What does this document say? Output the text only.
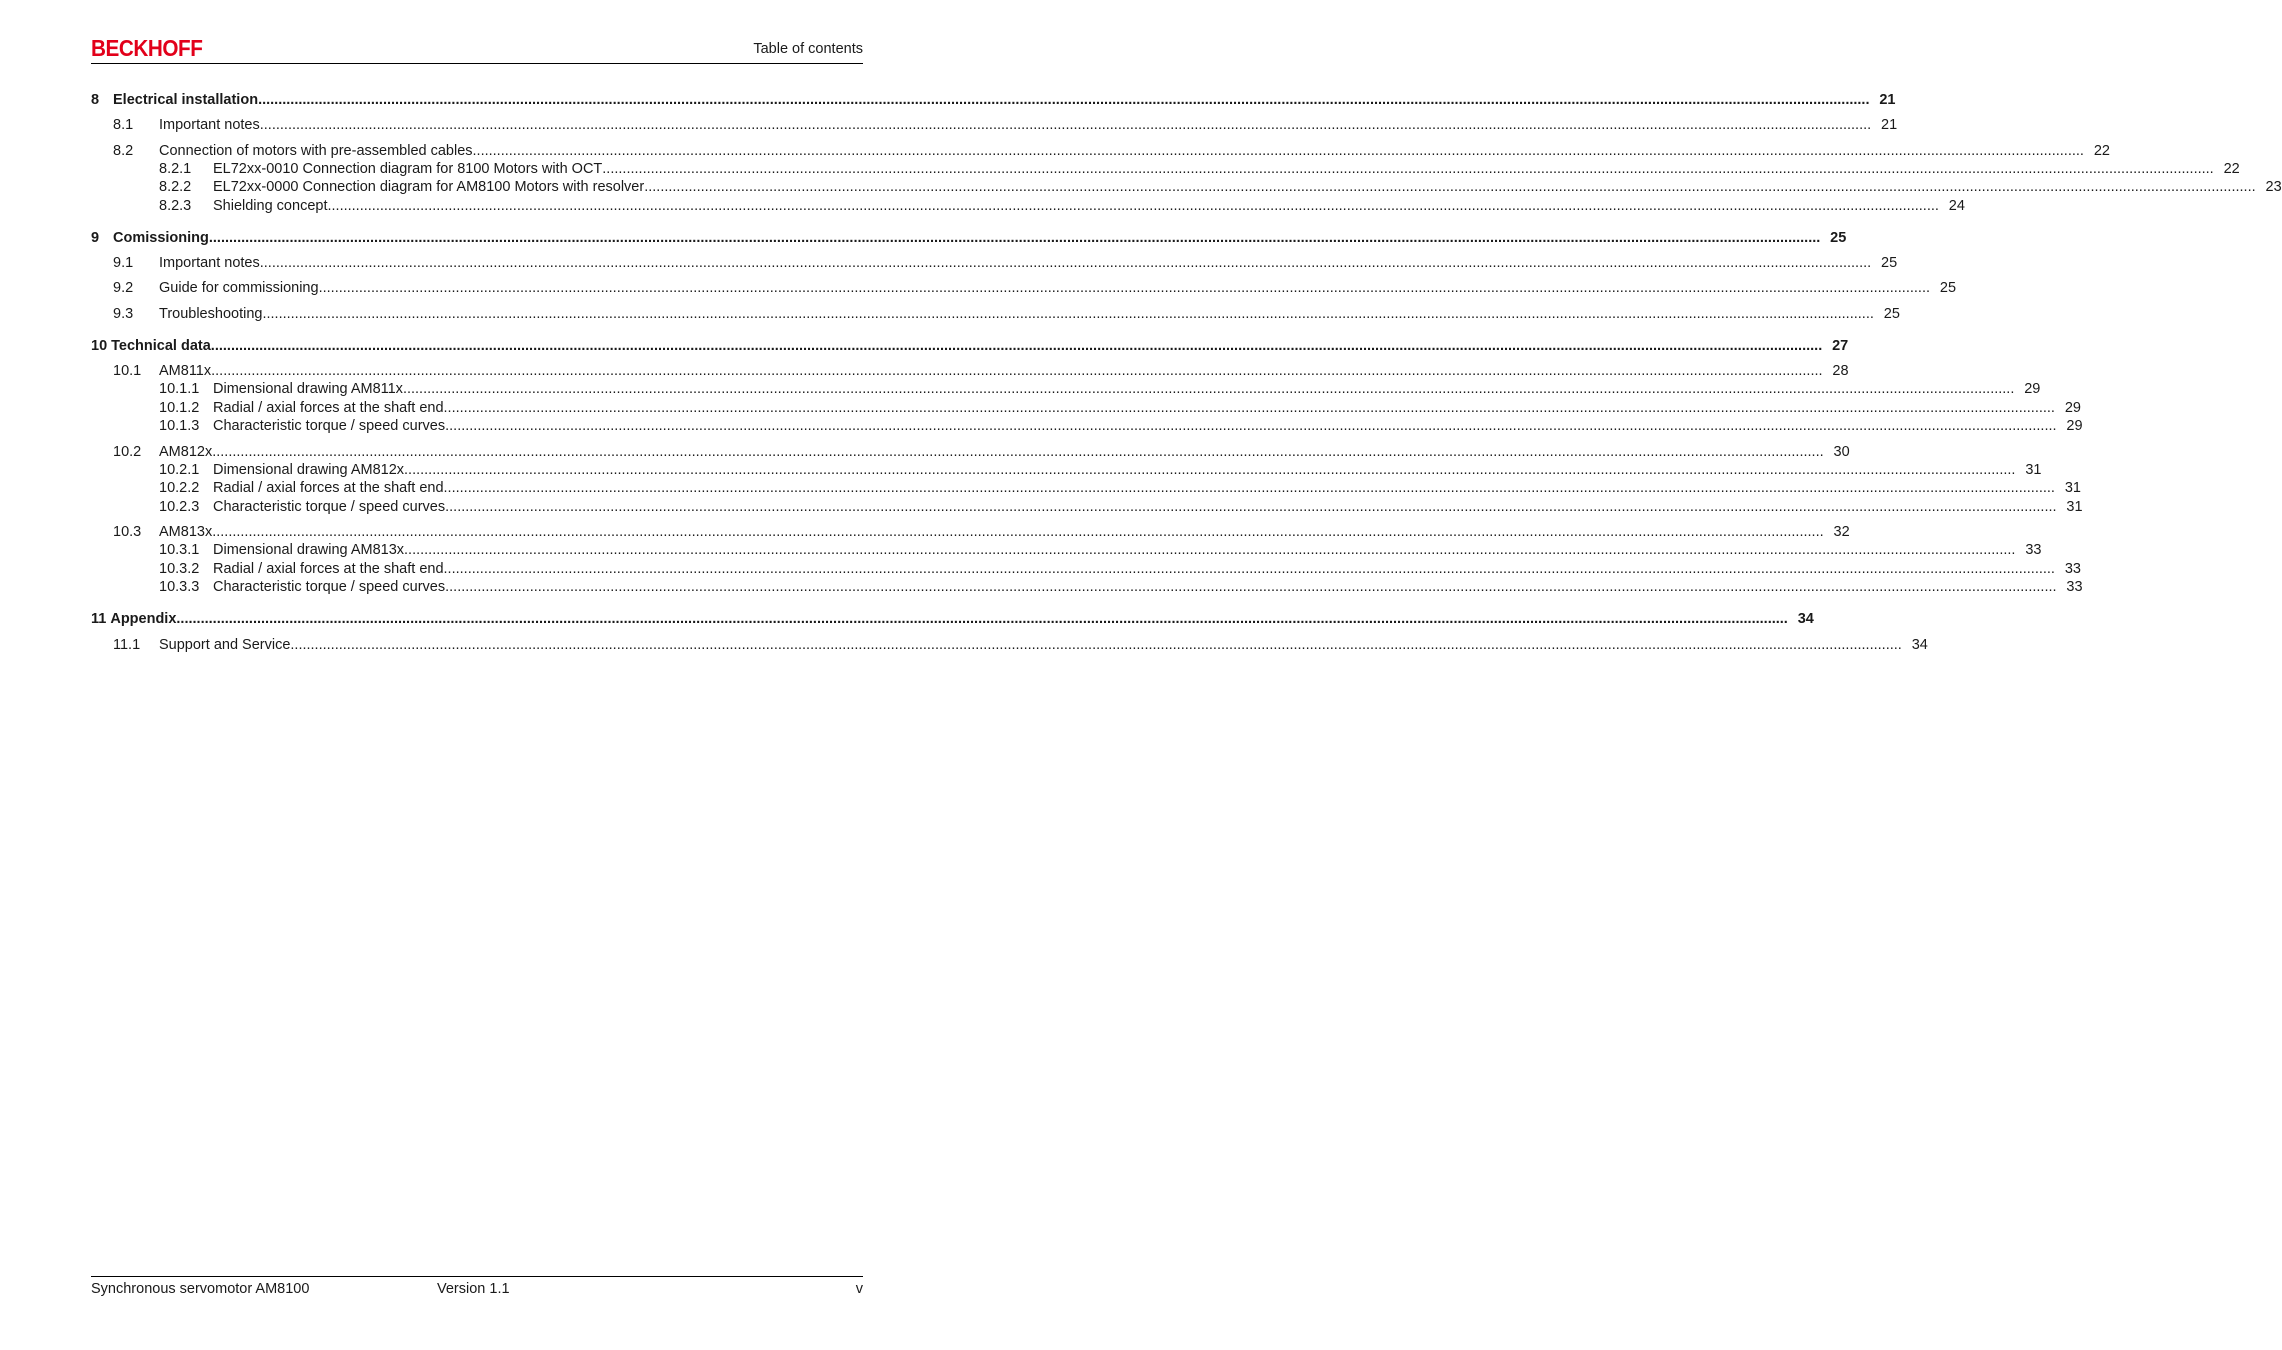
BECKHOFF	Table of contents
8 Electrical installation ................................................................................................................................................................................................................................................................................................................................................................................................................ 21
8.1 Important notes ................................................................................................................................................................................................................................................................................................................................................................................................................ 21
8.2 Connection of motors with pre-assembled cables ................................................................................................................................................................................................................................................................................................................................................................................................................ 22
8.2.1 EL72xx-0010 Connection diagram for 8100 Motors with OCT ................................................................................................................................................................................................................................................................................................................................................................................................................ 22
8.2.2 EL72xx-0000 Connection diagram for AM8100 Motors with resolver ................................................................................................................................................................................................................................................................................................................................................................................................................ 23
8.2.3 Shielding concept ................................................................................................................................................................................................................................................................................................................................................................................................................ 24
9 Comissioning ................................................................................................................................................................................................................................................................................................................................................................................................................ 25
9.1 Important notes ................................................................................................................................................................................................................................................................................................................................................................................................................ 25
9.2 Guide for commissioning ................................................................................................................................................................................................................................................................................................................................................................................................................ 25
9.3 Troubleshooting ................................................................................................................................................................................................................................................................................................................................................................................................................ 25
10 Technical data ................................................................................................................................................................................................................................................................................................................................................................................................................ 27
10.1 AM811x ................................................................................................................................................................................................................................................................................................................................................................................................................ 28
10.1.1 Dimensional drawing AM811x ................................................................................................................................................................................................................................................................................................................................................................................................................ 29
10.1.2 Radial / axial forces at the shaft end ................................................................................................................................................................................................................................................................................................................................................................................................................ 29
10.1.3 Characteristic torque / speed curves ................................................................................................................................................................................................................................................................................................................................................................................................................ 29
10.2 AM812x ................................................................................................................................................................................................................................................................................................................................................................................................................ 30
10.2.1 Dimensional drawing AM812x ................................................................................................................................................................................................................................................................................................................................................................................................................ 31
10.2.2 Radial / axial forces at the shaft end ................................................................................................................................................................................................................................................................................................................................................................................................................ 31
10.2.3 Characteristic torque / speed curves ................................................................................................................................................................................................................................................................................................................................................................................................................ 31
10.3 AM813x ................................................................................................................................................................................................................................................................................................................................................................................................................ 32
10.3.1 Dimensional drawing AM813x ................................................................................................................................................................................................................................................................................................................................................................................................................ 33
10.3.2 Radial / axial forces at the shaft end ................................................................................................................................................................................................................................................................................................................................................................................................................ 33
10.3.3 Characteristic torque / speed curves ................................................................................................................................................................................................................................................................................................................................................................................................................ 33
11 Appendix ................................................................................................................................................................................................................................................................................................................................................................................................................ 34
11.1 Support and Service ................................................................................................................................................................................................................................................................................................................................................................................................................ 34
Synchronous servomotor AM8100	Version 1.1	v
